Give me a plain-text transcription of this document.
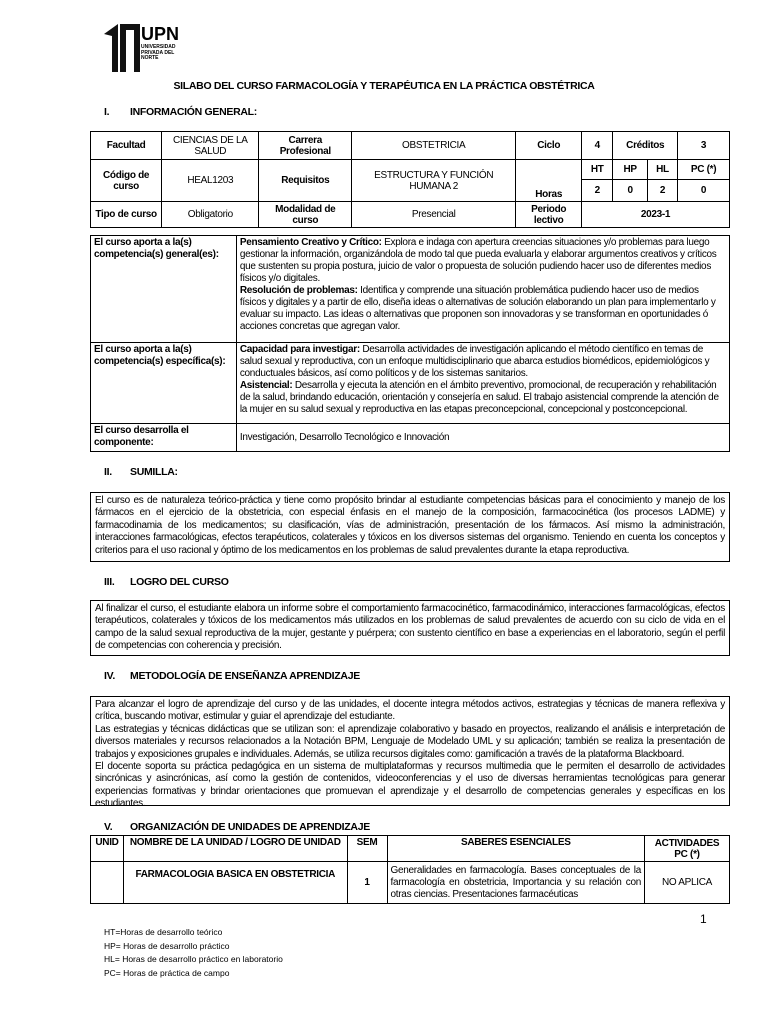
UPN
UNIVERSIDAD PRIVADA DEL NORTE
SILABO DEL CURSO FARMACOLOGÍA Y TERAPÉUTICA EN LA PRÁCTICA OBSTÉTRICA
I. INFORMACIÓN GENERAL:
Facultad	CIENCIAS DE LA SALUD	Carrera Profesional	OBSTETRICIA	Ciclo	4	Créditos		3
Código de curso	HEAL1203	Requisitos	ESTRUCTURA Y FUNCIÓN HUMANA 2	Horas	HT	HP	HL	PC (*)
					2	0	2	0
Tipo de curso	Obligatorio	Modalidad de curso	Presencial	Periodo lectivo	2023-1			
El curso aporta a la(s) competencia(s) general(es):	Pensamiento Creativo y Crítico: Explora e indaga con apertura creencias situaciones y/o problemas para luego gestionar la información, organizándola de modo tal que pueda evaluarla y elaborar argumentos creativos y críticos que sustenten su propia postura, juicio de valor o propuesta de solución pudiendo hacer uso de diferentes medios físicos y/o digitales.
Resolución de problemas: Identifica y comprende una situación problemática pudiendo hacer uso de medios físicos y digitales y a partir de ello, diseña ideas o alternativas de solución elaborando un plan para implementarlo y evaluar su impacto. Las ideas o alternativas que proponen son innovadoras y se transforman en oportunidades ó acciones concretas que agregan valor.
El curso aporta a la(s) competencia(s) específica(s):	Capacidad para investigar: Desarrolla actividades de investigación aplicando el método científico en temas de salud sexual y reproductiva, con un enfoque multidisciplinario que abarca estudios biomédicos, epidemiológicos y conductuales básicos, así como políticos y de los sistemas sanitarios.
Asistencial: Desarrolla y ejecuta la atención en el ámbito preventivo, promocional, de recuperación y rehabilitación de la salud, brindando educación, orientación y consejería en salud. El trabajo asistencial comprende la atención de la mujer en su salud sexual y reproductiva en las etapas preconcepcional, concepcional y postconcepcional.
El curso desarrolla el componente:	Investigación, Desarrollo Tecnológico e Innovación
II. SUMILLA:
El curso es de naturaleza teórico-práctica y tiene como propósito brindar al estudiante competencias básicas para el conocimiento y manejo de los fármacos en el ejercicio de la obstetricia, con especial énfasis en el manejo de la composición, farmacocinética (los procesos LADME) y farmacodinamia de los medicamentos; su clasificación, vías de administración, presentación de los fármacos. Así mismo la administración, interacciones farmacológicas, efectos terapéuticos, colaterales y tóxicos en los diversos sistemas del organismo. Teniendo en cuenta los conceptos y criterios para el uso racional y óptimo de los medicamentos en los problemas de salud prevalentes durante la etapa reproductiva.
III. LOGRO DEL CURSO
Al finalizar el curso, el estudiante elabora un informe sobre el comportamiento farmacocinético, farmacodinámico, interacciones farmacológicas, efectos terapéuticos, colaterales y tóxicos de los medicamentos más utilizados en los problemas de salud prevalentes de acuerdo con su ciclo de vida en el campo de la salud sexual reproductiva de la mujer, gestante y puérpera; con sustento científico en base a experiencias en el laboratorio, según el perfil de competencias con coherencia y precisión.
IV. METODOLOGÍA DE ENSEÑANZA APRENDIZAJE
Para alcanzar el logro de aprendizaje del curso y de las unidades, el docente integra métodos activos, estrategias y técnicas de manera reflexiva y crítica, buscando motivar, estimular y guiar el aprendizaje del estudiante.
Las estrategias y técnicas didácticas que se utilizan son: el aprendizaje colaborativo y basado en proyectos, realizando el análisis e interpretación de diversos materiales y recursos relacionados a la Notación BPM, Lenguaje de Modelado UML y su aplicación; también se realiza la presentación de trabajos y exposiciones grupales e individuales. Además, se utiliza recursos digitales como: gamificación a través de la plataforma Blackboard.
El docente soporta su práctica pedagógica en un sistema de multiplataformas y recursos multimedia que le permiten el desarrollo de actividades sincrónicas y asincrónicas, así como la gestión de contenidos, videoconferencias y el uso de diversas herramientas tecnológicas para generar experiencias formativas y brindar orientaciones que promuevan el aprendizaje y el desarrollo de competencias generales y específicas en los estudiantes.
V. ORGANIZACIÓN DE UNIDADES DE APRENDIZAJE
UNID	NOMBRE DE LA UNIDAD / LOGRO DE UNIDAD	SEM	SABERES ESENCIALES	ACTIVIDADES PC (*)
	FARMACOLOGIA BASICA EN OBSTETRICIA	1	Generalidades en farmacología. Bases conceptuales de la farmacología en obstetricia, Importancia y su relación con otras ciencias. Presentaciones farmacéuticas	NO APLICA
1
HT=Horas de desarrollo teórico
HP= Horas de desarrollo práctico
HL= Horas de desarrollo práctico en laboratorio
PC= Horas de práctica de campo
